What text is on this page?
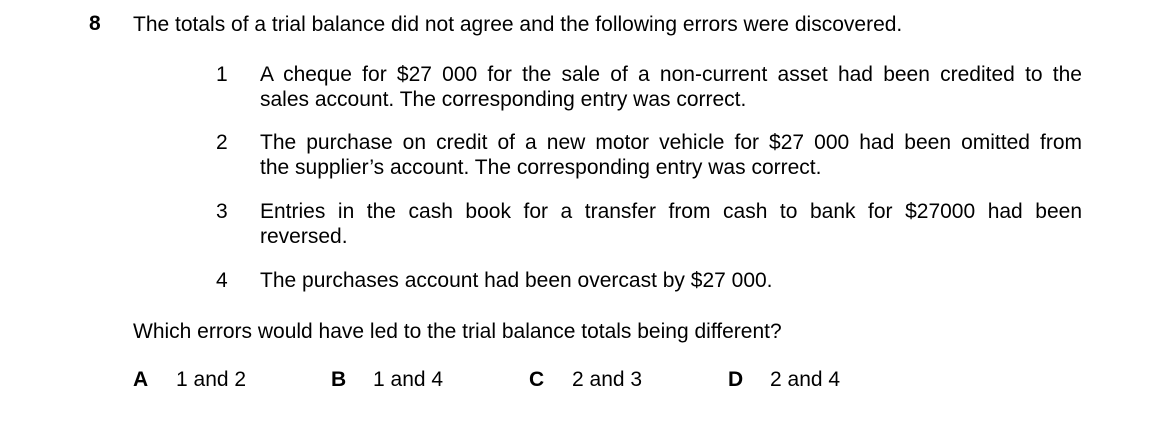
8 The totals of a trial balance did not agree and the following errors were discovered.
1 A cheque for $27 000 for the sale of a non-current asset had been credited to the
sales account. The corresponding entry was correct.
2 The purchase on credit of a new motor vehicle for $27 000 had been omitted from
the supplier’s account. The corresponding entry was correct.
3 Entries in the cash book for a transfer from cash to bank for $27000 had been
reversed.
4 The purchases account had been overcast by $27 000.
Which errors would have led to the trial balance totals being different?
A 1 and 2	B 1 and 4	C 2 and 3	D 2 and 4
